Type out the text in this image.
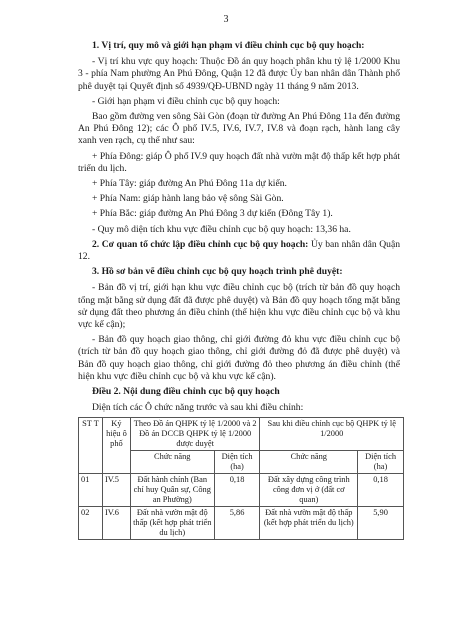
3

1. Vị trí, quy mô và giới hạn phạm vi điều chỉnh cục bộ quy hoạch:

- Vị trí khu vực quy hoạch: Thuộc Đồ án quy hoạch phân khu tỷ lệ 1/2000 Khu 3 - phía Nam phường An Phú Đông, Quận 12 đã được Ủy ban nhân dân Thành phố phê duyệt tại Quyết định số 4939/QĐ-UBND ngày 11 tháng 9 năm 2013.

- Giới hạn phạm vi điều chỉnh cục bộ quy hoạch:

Bao gồm đường ven sông Sài Gòn (đoạn từ đường An Phú Đông 11a đến đường An Phú Đông 12); các Ô phố IV.5, IV.6, IV.7, IV.8 và đoạn rạch, hành lang cây xanh ven rạch, cụ thể như sau:

+ Phía Đông: giáp Ô phố IV.9 quy hoạch đất nhà vườn mật độ thấp kết hợp phát triển du lịch.

+ Phía Tây: giáp đường An Phú Đông 11a dự kiến.

+ Phía Nam: giáp hành lang bảo vệ sông Sài Gòn.

+ Phía Bắc: giáp đường An Phú Đông 3 dự kiến (Đông Tây 1).

- Quy mô diện tích khu vực điều chỉnh cục bộ quy hoạch: 13,36 ha.

2. Cơ quan tổ chức lập điều chỉnh cục bộ quy hoạch: Ủy ban nhân dân Quận 12.

3. Hồ sơ bản vẽ điều chỉnh cục bộ quy hoạch trình phê duyệt:

- Bản đồ vị trí, giới hạn khu vực điều chỉnh cục bộ (trích từ bản đồ quy hoạch tổng mặt bằng sử dụng đất đã được phê duyệt) và Bản đồ quy hoạch tổng mặt bằng sử dụng đất theo phương án điều chỉnh (thể hiện khu vực điều chỉnh cục bộ và khu vực kế cận);

- Bản đồ quy hoạch giao thông, chỉ giới đường đỏ khu vực điều chỉnh cục bộ (trích từ bản đồ quy hoạch giao thông, chỉ giới đường đỏ đã được phê duyệt) và Bản đồ quy hoạch giao thông, chỉ giới đường đỏ theo phương án điều chỉnh (thể hiện khu vực điều chỉnh cục bộ và khu vực kế cận).

Điều 2. Nội dung điều chỉnh cục bộ quy hoạch

Diện tích các Ô chức năng trước và sau khi điều chỉnh:

ST T	Ký hiệu ô phố	Theo Đồ án QHPK tỷ lệ 1/2000 và 2 Đồ án DCCB QHPK tỷ lệ 1/2000 được duyệt		Sau khi điều chỉnh cục bộ QHPK tỷ lệ 1/2000	
		Chức năng	Diện tích (ha)	Chức năng	Diện tích (ha)
01	IV.5	Đất hành chính (Ban chỉ huy Quân sự, Công an Phường)	0,18	Đất xây dựng công trình công đơn vị ở (đất cơ quan)	0,18
02	IV.6	Đất nhà vườn mật độ thấp (kết hợp phát triển du lịch)	5,86	Đất nhà vườn mật độ thấp (kết hợp phát triển du lịch)	5,90
